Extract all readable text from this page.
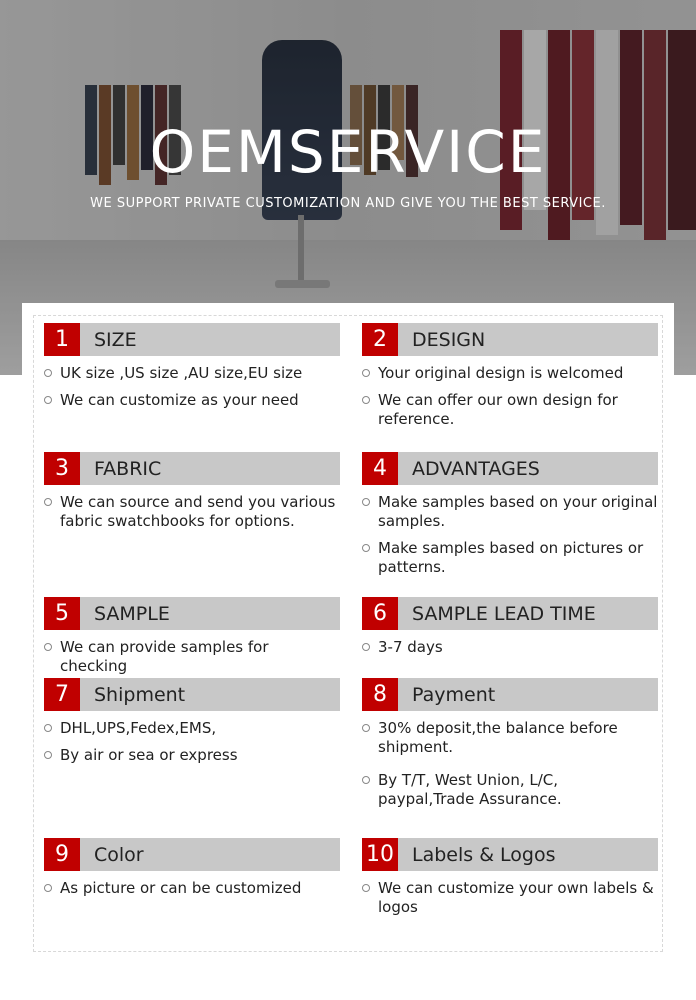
OEMSERVICE
WE SUPPORT PRIVATE CUSTOMIZATION AND GIVE YOU THE BEST SERVICE.
1	SIZE
UK size ,US size ,AU size,EU size
We can customize as your need
2	DESIGN
Your original design is welcomed
We can offer our own design for reference.
3	FABRIC
We can source and send you various fabric swatchbooks for options.
4	ADVANTAGES
Make samples based on your original samples.
Make samples based on pictures or patterns.
5	SAMPLE
We can provide samples for checking
6	SAMPLE LEAD TIME
3-7 days
7	Shipment
DHL,UPS,Fedex,EMS,
By air or sea or express
8	Payment
30% deposit,the balance before shipment.
By T/T, West Union, L/C, paypal,Trade Assurance.
9	Color
As picture or can be customized
10 Labels & Logos
We can customize your own labels & logos
